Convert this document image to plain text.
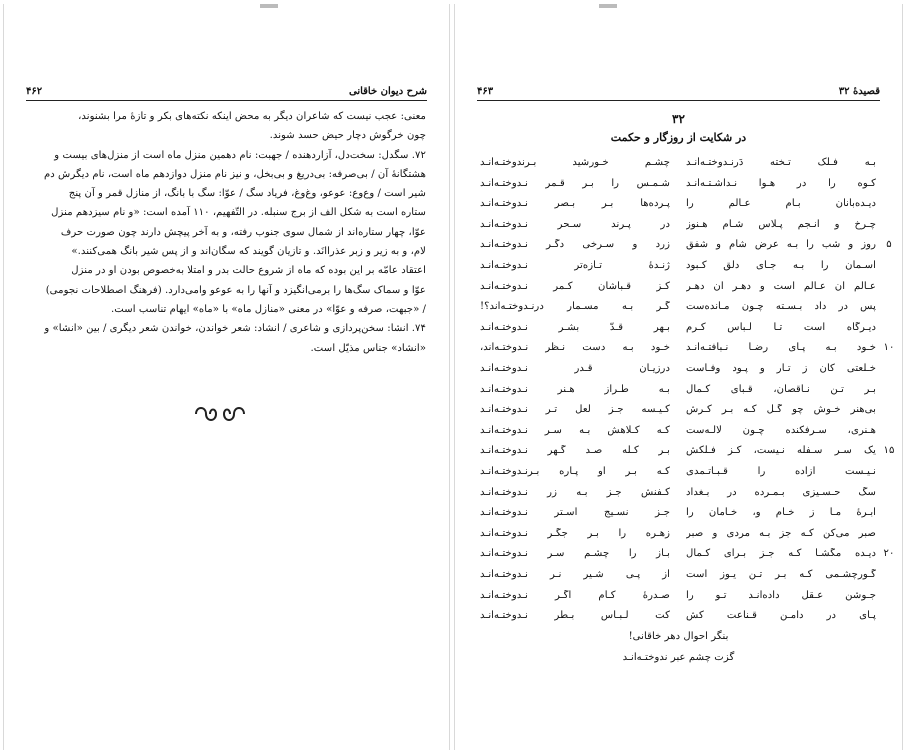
شرح دیوان خاقانی
۴۶۲

معنی: عجب نیست که شاعران دیگر به محض اینکه نکته‌های بکر و تازهٔ مرا بشنوند،

چون خرگوش دچار حیض حسد شوند.

۷۲. سگدل: سخت‌دل، آزاردهنده / جهبت: نام دهمین منزل ماه است از منزل‌های بیست و

هشتگانهٔ آن / بی‌صرفه: بی‌دریغ و بی‌بخل، و نیز نام منزل دوازدهم ماه است، نام دیگرش دم

شیر است / وع‌وع: عوعو، وغ‌وغ، فریاد سگ / عوّا: سگ با بانگ، از منازل قمر و آن پنج

ستاره است به شکل الف از برج سنبله. در التّفهیم، ۱۱۰ آمده است: «و نام سیزدهم منزل

عوّا، چهار ستاره‌اند از شمال سوی جنوب رفته، و به آخر پیچش دارند چون صورت حرف

لام، و به زیر و زبر عذراانَد. و تازیان گویند که سگان‌اند و از پس شیر بانگ همی‌کنند.»

اعتقاد عامّه بر این بوده که ماه از شروع حالت بدر و امتلا به‌خصوص بودن او در منزل

عوّا و سماک سگ‌ها را برمی‌انگیزد و آنها را به عوعو وامی‌دارد. (فرهنگ اصطلاحات نجومی)

/ «جبهت، صرفه و عوّا» در معنی «منازل ماه» با «ماه» ایهام تناسب است.

۷۴. انشا: سخن‌پردازی و شاعری / انشاد: شعر خواندن، خواندن شعر دیگری / بین «انشا» و

«انشاد» جناس مذیّل است.

قصیدهٔ ۳۲
۴۶۳
۳۲
در شکایت از روزگار و حکمت
بـه فـلک تـخته دَرنـدوختـه‌انـد
چشـم خـورشید بـرندوختـه‌انـد
کـوه را در هـوا نـداشـتـه‌انـد
شـمـس را بـر قـمر نـدوختـه‌انـد
دیـده‌بانان بـام عـالم را
پـرده‌ها بـر بـصر نـدوختـه‌انـد
چـرخ و انـجم پـلاس شـام هـنوز
در پـرند سـحر نـدوختـه‌انـد
۵
روز و شب را بـه عرض شام و شفق
زرد و سـرخی دگـر نـدوختـه‌انـد
آسـمان را بـه جـای دلق کـبود
ژنـدهٔ تـازه‌تر نـدوختـه‌انـد
عـالم آن عـالم است و دهـر آن دهـر
کـز قـباشان کـمر نـدوختـه‌انـد
پس در داد بـسـته چـون مـانده‌ست
گـر بـه مسـمار درنـدوختـه‌اند؟!
دیـرگاه است تـا لـباس کـرم
بـهر قـدّ بشـر نـدوختـه‌انـد
۱۰
خـود بـه پـای رضـا نـبافتـه‌انـد
خـود بـه دست نـظر نـدوختـه‌اند،
خـلعتی کآن ز تـار و پـود وفـاست
درزیـان قـدر نـدوختـه‌انـد
بـر تـن نـاقصان، قـبای کـمال
بـه طـراز هـنر نـدوختـه‌انـد
بی‌هنر خـوش چو گـل کـه بـر کـرش
کـیـسه جـز لعل تـر نـدوختـه‌انـد
هـنری، سـرفکنده چـون لالـه‌ست
کـه کـلاهش بـه سـر نـدوختـه‌انـد
۱۵
یک سـر سـفله نـیست، کـز فـلکش
بـر کـله صـد گـهر نـدوختـه‌انـد
نـیـست آزاده را قـبـاتـمدی
کـه بـر او پـاره بـرنـدوختـه‌انـد
سگ حـسـیزی بـمـرده در بـغداد
کـفنش جـز بـه زر نـدوختـه‌انـد
ابـرهٔ مـا ز خـام و، خـامان را
جـز نسـیج آسـتر نـدوختـه‌انـد
صبر می‌کن کـه جز بـه مردی و صبر
زهـره را بـر جگـر نـدوختـه‌انـد
۲۰
دیـده مگشـا کـه جـز بـرای کـمال
بـاز را چشـم سـر نـدوختـه‌انـد
گـورچشـمی کـه بـر تـن یـوز است
از پـی شـیر نـر نـدوختـه‌انـد
جـوشن عـقل داده‌انـد تـو را
صـدرهٔ کـام اگـر نـدوختـه‌انـد
پـای در دامـن قـناعت کش
کت لـبـاس بـطر نـدوختـه‌انـد
بنگر احوال دهر خاقانی!
گزت چشم عبر ندوختـه‌انـد
